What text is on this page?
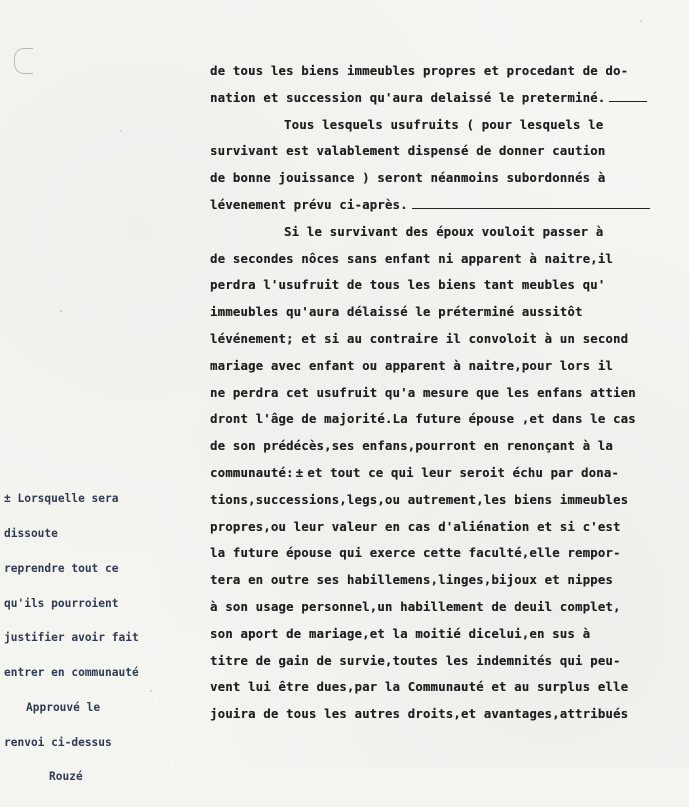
de tous les biens immeubles propres et procedant de do-
nation et succession qu'aura delaissé le preterminé.
Tous lesquels usufruits ( pour lesquels le
survivant est valablement dispensé de donner caution
de bonne jouissance ) seront néanmoins subordonnés à
lévenement prévu ci-après.
Si le survivant des époux vouloit passer à
de secondes nôces sans enfant ni apparent à naitre,il
perdra l'usufruit de tous les biens tant meubles qu'
immeubles qu'aura délaissé le préterminé aussitôt
lévénement; et si au contraire il convoloit à un second
mariage avec enfant ou apparent à naitre,pour lors il
ne perdra cet usufruit qu'a mesure que les enfans attien
dront l'âge de majorité.La future épouse ,et dans le cas
de son prédécès,ses enfans,pourront en renonçant à la
communauté: ± et tout ce qui leur seroit échu par dona-
tions,successions,legs,ou autrement,les biens immeubles
propres,ou leur valeur en cas d'aliénation et si c'est
la future épouse qui exerce cette faculté,elle rempor-
tera en outre ses habillemens,linges,bijoux et nippes
à son usage personnel,un habillement de deuil complet,
son aport de mariage,et la moitié dicelui,en sus à
titre de gain de survie,toutes les indemnités qui peu-
vent lui être dues,par la Communauté et au surplus elle
jouira de tous les autres droits,et avantages,attribués

± Lorsquelle sera

dissoute

reprendre tout ce

qu'ils pourroient

justifier avoir fait

entrer en communauté

Approuvé le

renvoi ci-dessus

Rouzé
